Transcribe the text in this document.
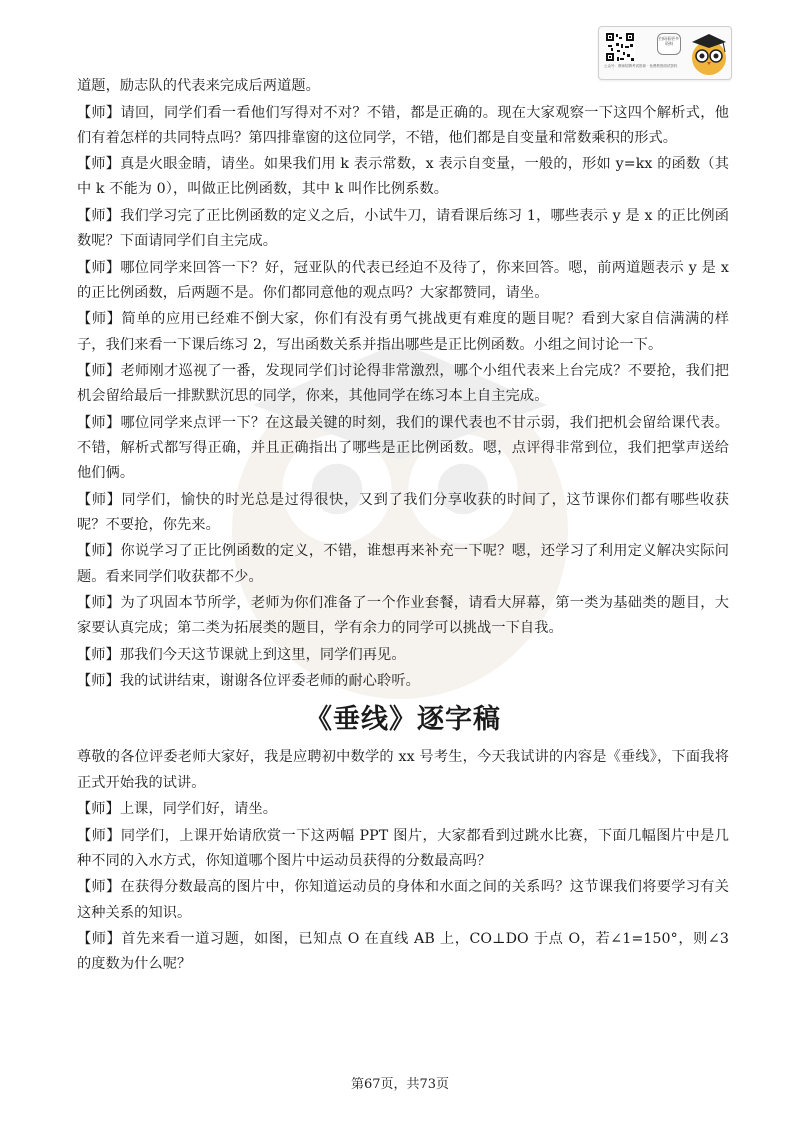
公众号：教师招聘考试资源 · 免费教资面试资料
扫码看更多资料

道题，励志队的代表来完成后两道题。

【师】请回，同学们看一看他们写得对不对？不错，都是正确的。现在大家观察一下这四个解析式，他们有着怎样的共同特点吗？第四排靠窗的这位同学，不错，他们都是自变量和常数乘积的形式。

【师】真是火眼金睛，请坐。如果我们用 k 表示常数，x 表示自变量，一般的，形如 y=kx 的函数（其中 k 不能为 0），叫做正比例函数，其中 k 叫作比例系数。

【师】我们学习完了正比例函数的定义之后，小试牛刀，请看课后练习 1，哪些表示 y 是 x 的正比例函数呢？下面请同学们自主完成。

【师】哪位同学来回答一下？好，冠亚队的代表已经迫不及待了，你来回答。嗯，前两道题表示 y 是 x 的正比例函数，后两题不是。你们都同意他的观点吗？大家都赞同，请坐。

【师】简单的应用已经难不倒大家，你们有没有勇气挑战更有难度的题目呢？看到大家自信满满的样子，我们来看一下课后练习 2，写出函数关系并指出哪些是正比例函数。小组之间讨论一下。

【师】老师刚才巡视了一番，发现同学们讨论得非常激烈，哪个小组代表来上台完成？不要抢，我们把机会留给最后一排默默沉思的同学，你来，其他同学在练习本上自主完成。

【师】哪位同学来点评一下？在这最关键的时刻，我们的课代表也不甘示弱，我们把机会留给课代表。不错，解析式都写得正确，并且正确指出了哪些是正比例函数。嗯，点评得非常到位，我们把掌声送给他们俩。

【师】同学们，愉快的时光总是过得很快，又到了我们分享收获的时间了，这节课你们都有哪些收获呢？不要抢，你先来。

【师】你说学习了正比例函数的定义，不错，谁想再来补充一下呢？嗯，还学习了利用定义解决实际问题。看来同学们收获都不少。

【师】为了巩固本节所学，老师为你们准备了一个作业套餐，请看大屏幕，第一类为基础类的题目，大家要认真完成；第二类为拓展类的题目，学有余力的同学可以挑战一下自我。

【师】那我们今天这节课就上到这里，同学们再见。

【师】我的试讲结束，谢谢各位评委老师的耐心聆听。

《垂线》逐字稿

尊敬的各位评委老师大家好，我是应聘初中数学的 xx 号考生，今天我试讲的内容是《垂线》，下面我将正式开始我的试讲。

【师】上课，同学们好，请坐。

【师】同学们，上课开始请欣赏一下这两幅 PPT 图片，大家都看到过跳水比赛，下面几幅图片中是几种不同的入水方式，你知道哪个图片中运动员获得的分数最高吗？

【师】在获得分数最高的图片中，你知道运动员的身体和水面之间的关系吗？这节课我们将要学习有关这种关系的知识。

【师】首先来看一道习题，如图，已知点 O 在直线 AB 上，CO⊥DO 于点 O，若∠1=150°，则∠3 的度数为什么呢？

第67页，共73页
